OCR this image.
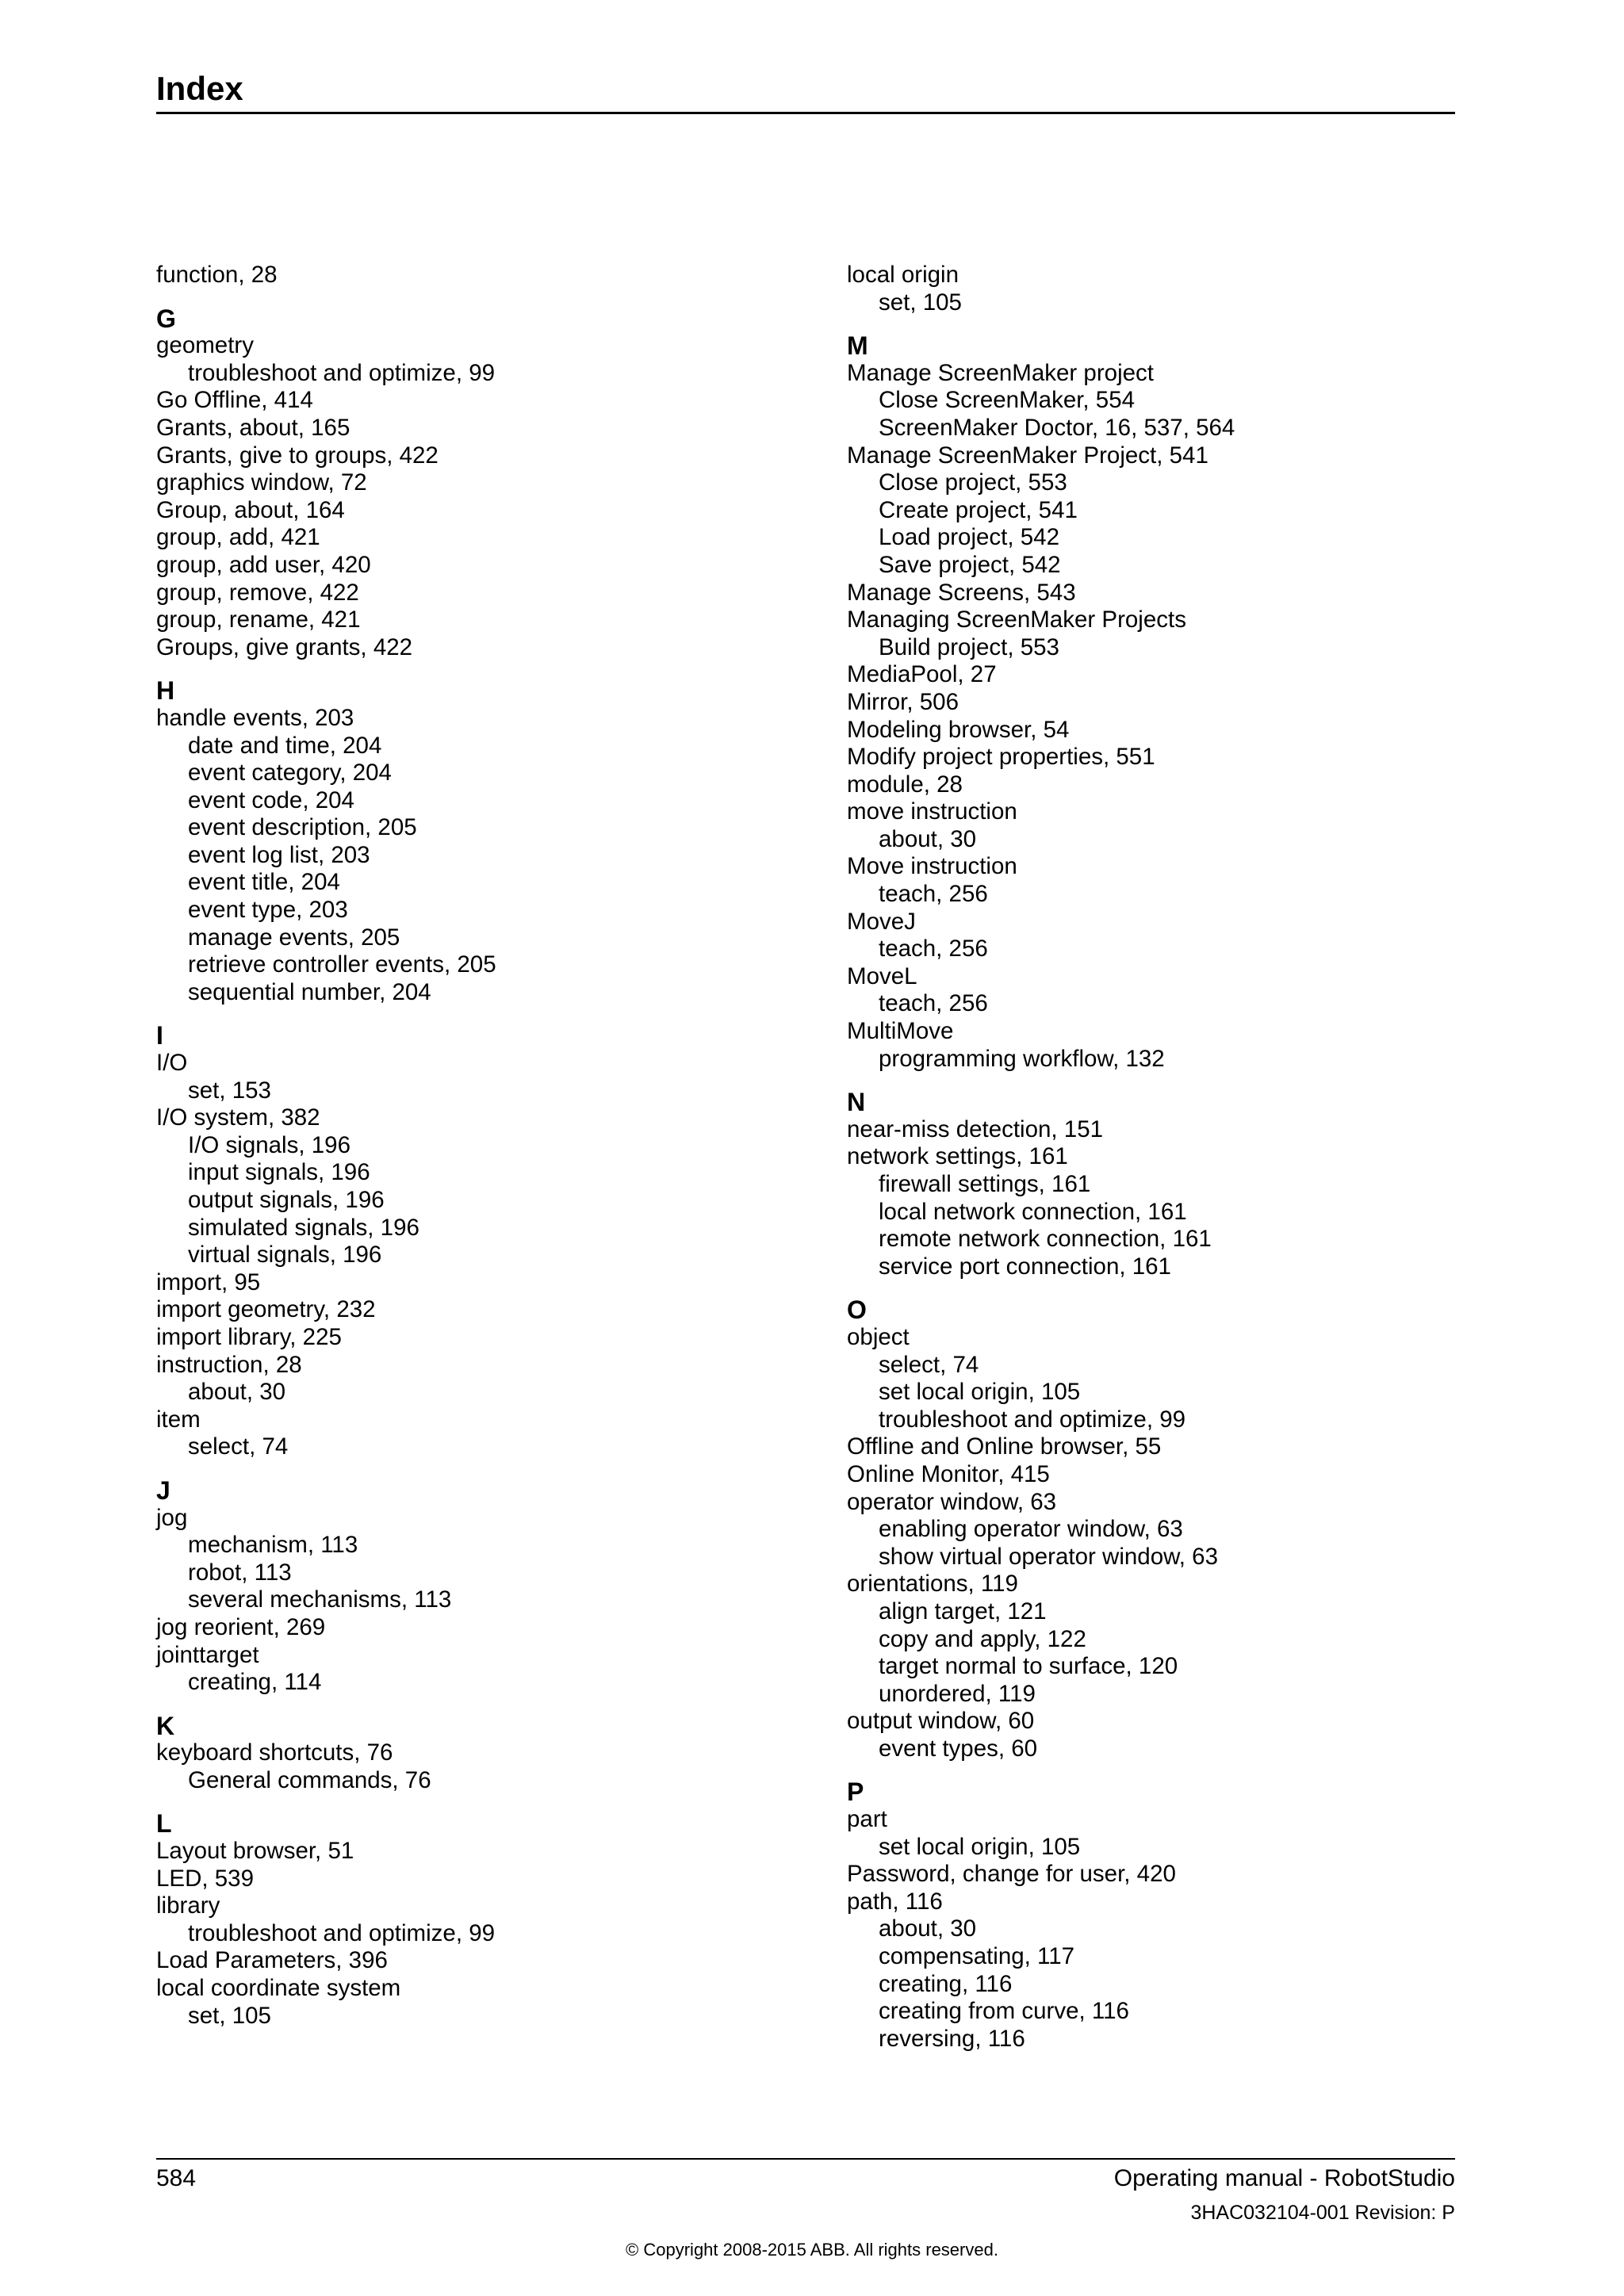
Index
function, 28
G
geometry
troubleshoot and optimize, 99
Go Offline, 414
Grants, about, 165
Grants, give to groups, 422
graphics window, 72
Group, about, 164
group, add, 421
group, add user, 420
group, remove, 422
group, rename, 421
Groups, give grants, 422
H
handle events, 203
date and time, 204
event category, 204
event code, 204
event description, 205
event log list, 203
event title, 204
event type, 203
manage events, 205
retrieve controller events, 205
sequential number, 204
I
I/O
set, 153
I/O system, 382
I/O signals, 196
input signals, 196
output signals, 196
simulated signals, 196
virtual signals, 196
import, 95
import geometry, 232
import library, 225
instruction, 28
about, 30
item
select, 74
J
jog
mechanism, 113
robot, 113
several mechanisms, 113
jog reorient, 269
jointtarget
creating, 114
K
keyboard shortcuts, 76
General commands, 76
L
Layout browser, 51
LED, 539
library
troubleshoot and optimize, 99
Load Parameters, 396
local coordinate system
set, 105
local origin
set, 105
M
Manage ScreenMaker project
Close ScreenMaker, 554
ScreenMaker Doctor, 16, 537, 564
Manage ScreenMaker Project, 541
Close project, 553
Create project, 541
Load project, 542
Save project, 542
Manage Screens, 543
Managing ScreenMaker Projects
Build project, 553
MediaPool, 27
Mirror, 506
Modeling browser, 54
Modify project properties, 551
module, 28
move instruction
about, 30
Move instruction
teach, 256
MoveJ
teach, 256
MoveL
teach, 256
MultiMove
programming workflow, 132
N
near-miss detection, 151
network settings, 161
firewall settings, 161
local network connection, 161
remote network connection, 161
service port connection, 161
O
object
select, 74
set local origin, 105
troubleshoot and optimize, 99
Offline and Online browser, 55
Online Monitor, 415
operator window, 63
enabling operator window, 63
show virtual operator window, 63
orientations, 119
align target, 121
copy and apply, 122
target normal to surface, 120
unordered, 119
output window, 60
event types, 60
P
part
set local origin, 105
Password, change for user, 420
path, 116
about, 30
compensating, 117
creating, 116
creating from curve, 116
reversing, 116
584	Operating manual - RobotStudio
3HAC032104-001 Revision: P
© Copyright 2008-2015 ABB. All rights reserved.
